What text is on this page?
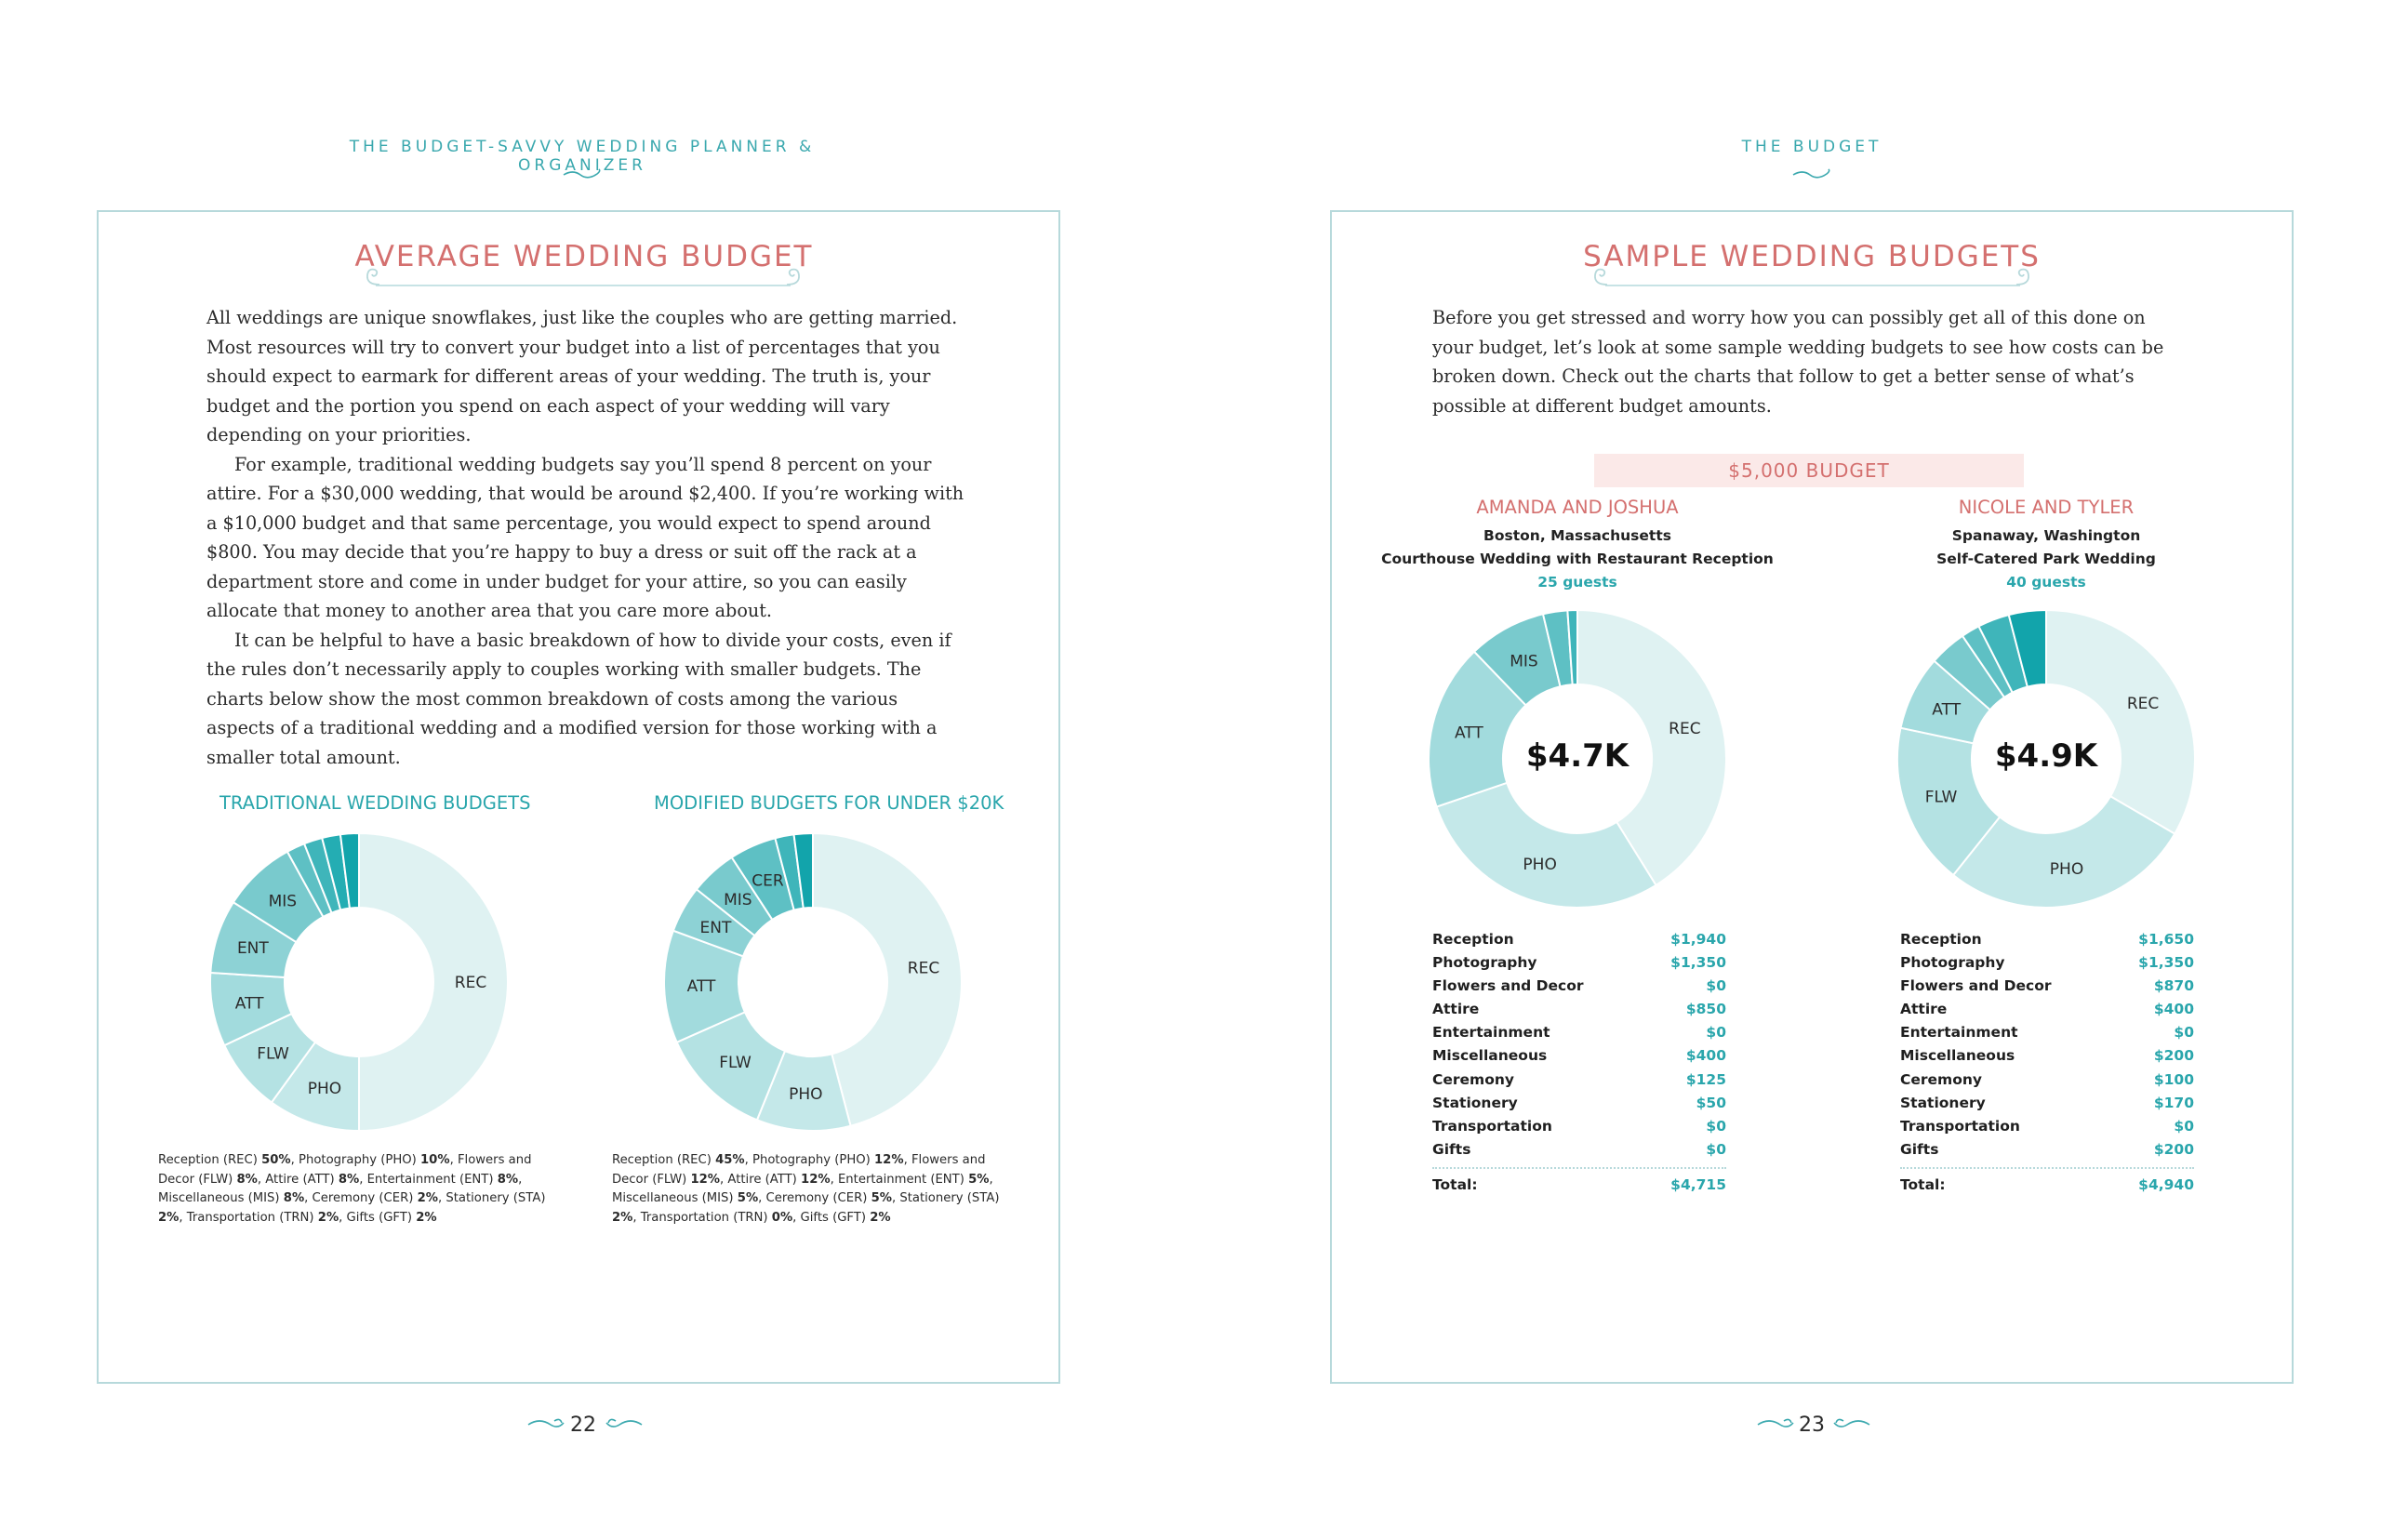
THE BUDGET-SAVVY WEDDING PLANNER & ORGANIZER
AVERAGE WEDDING BUDGET

All weddings are unique snowflakes, just like the couples who are getting married. Most resources will try to convert your budget into a list of percentages that you should expect to earmark for different areas of your wedding. The truth is, your budget and the portion you spend on each aspect of your wedding will vary depending on your priorities.

For example, traditional wedding budgets say you’ll spend 8 percent on your attire. For a $30,000 wedding, that would be around $2,400. If you’re working with a $10,000 budget and that same percentage, you would expect to spend around $800. You may decide that you’re happy to buy a dress or suit off the rack at a department store and come in under budget for your attire, so you can easily allocate that money to another area that you care more about.

It can be helpful to have a basic breakdown of how to divide your costs, even if the rules don’t necessarily apply to couples working with smaller budgets. The charts below show the most common breakdown of costs among the various aspects of a traditional wedding and a modified version for those working with a smaller total amount.

TRADITIONAL WEDDING BUDGETS	MODIFIED BUDGETS FOR UNDER $20K
REC
PHO
FLW
ATT
ENT
MIS
REC
PHO
FLW
ATT
ENT
MIS
CER
Reception (REC) 50%, Photography (PHO) 10%, Flowers and Decor (FLW) 8%, Attire (ATT) 8%, Entertainment (ENT) 8%, Miscellaneous (MIS) 8%, Ceremony (CER) 2%, Stationery (STA) 2%, Transportation (TRN) 2%, Gifts (GFT) 2%
Reception (REC) 45%, Photography (PHO) 12%, Flowers and Decor (FLW) 12%, Attire (ATT) 12%, Entertainment (ENT) 5%, Miscellaneous (MIS) 5%, Ceremony (CER) 5%, Stationery (STA) 2%, Transportation (TRN) 0%, Gifts (GFT) 2%
22
THE BUDGET
SAMPLE WEDDING BUDGETS

Before you get stressed and worry how you can possibly get all of this done on your budget, let’s look at some sample wedding budgets to see how costs can be broken down. Check out the charts that follow to get a better sense of what’s possible at different budget amounts.

$5,000 BUDGET
AMANDA AND JOSHUA
Boston, Massachusetts
Courthouse Wedding with Restaurant Reception
25 guests
REC
PHO
ATT
MIS
$4.7K
Reception	$1,940
Photography	$1,350
Flowers and Decor	$0
Attire	$850
Entertainment	$0
Miscellaneous	$400
Ceremony	$125
Stationery	$50
Transportation	$0
Gifts	$0
Total:	$4,715
NICOLE AND TYLER
Spanaway, Washington
Self-Catered Park Wedding
40 guests
REC
PHO
FLW
ATT
$4.9K
Reception	$1,650
Photography	$1,350
Flowers and Decor	$870
Attire	$400
Entertainment	$0
Miscellaneous	$200
Ceremony	$100
Stationery	$170
Transportation	$0
Gifts	$200
Total:	$4,940
23
